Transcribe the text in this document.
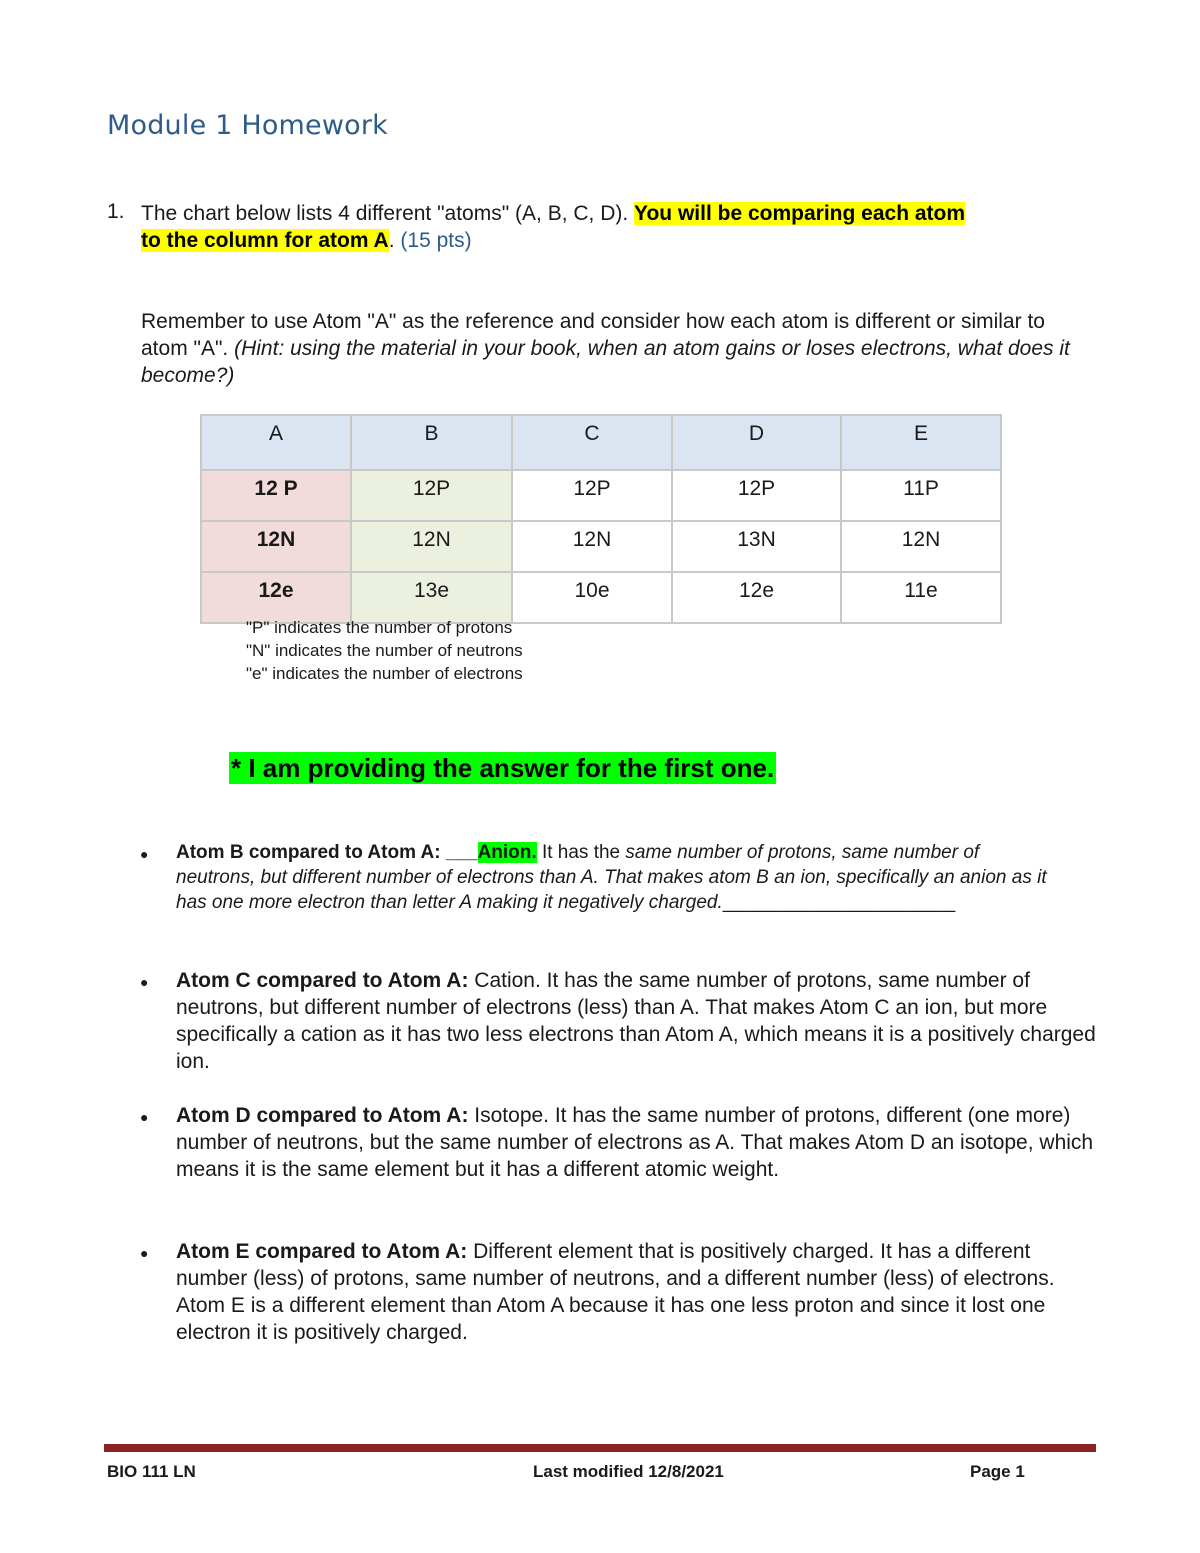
Module 1 Homework
1. The chart below lists 4 different "atoms" (A, B, C, D). You will be comparing each atom
to the column for atom A. (15 pts)
Remember to use Atom "A" as the reference and consider how each atom is different or similar to atom "A". (Hint: using the material in your book, when an atom gains or loses electrons, what does it become?)
A	B	C	D	E
12 P	12P	12P	12P	11P
12N	12N	12N	13N	12N
12e	13e	10e	12e	11e
"P" indicates the number of protons
"N" indicates the number of neutrons
"e" indicates the number of electrons
* I am providing the answer for the first one.
● Atom B compared to Atom A: ___Anion. It has the same number of protons, same number of neutrons, but different number of electrons than A. That makes atom B an ion, specifically an anion as it has one more electron than letter A making it negatively charged.______________________
● Atom C compared to Atom A: Cation. It has the same number of protons, same number of neutrons, but different number of electrons (less) than A. That makes Atom C an ion, but more specifically a cation as it has two less electrons than Atom A, which means it is a positively charged ion.
● Atom D compared to Atom A: Isotope. It has the same number of protons, different (one more) number of neutrons, but the same number of electrons as A. That makes Atom D an isotope, which means it is the same element but it has a different atomic weight.
● Atom E compared to Atom A: Different element that is positively charged. It has a different number (less) of protons, same number of neutrons, and a different number (less) of electrons. Atom E is a different element than Atom A because it has one less proton and since it lost one electron it is positively charged.
BIO 111 LN	Last modified 12/8/2021	Page 1
